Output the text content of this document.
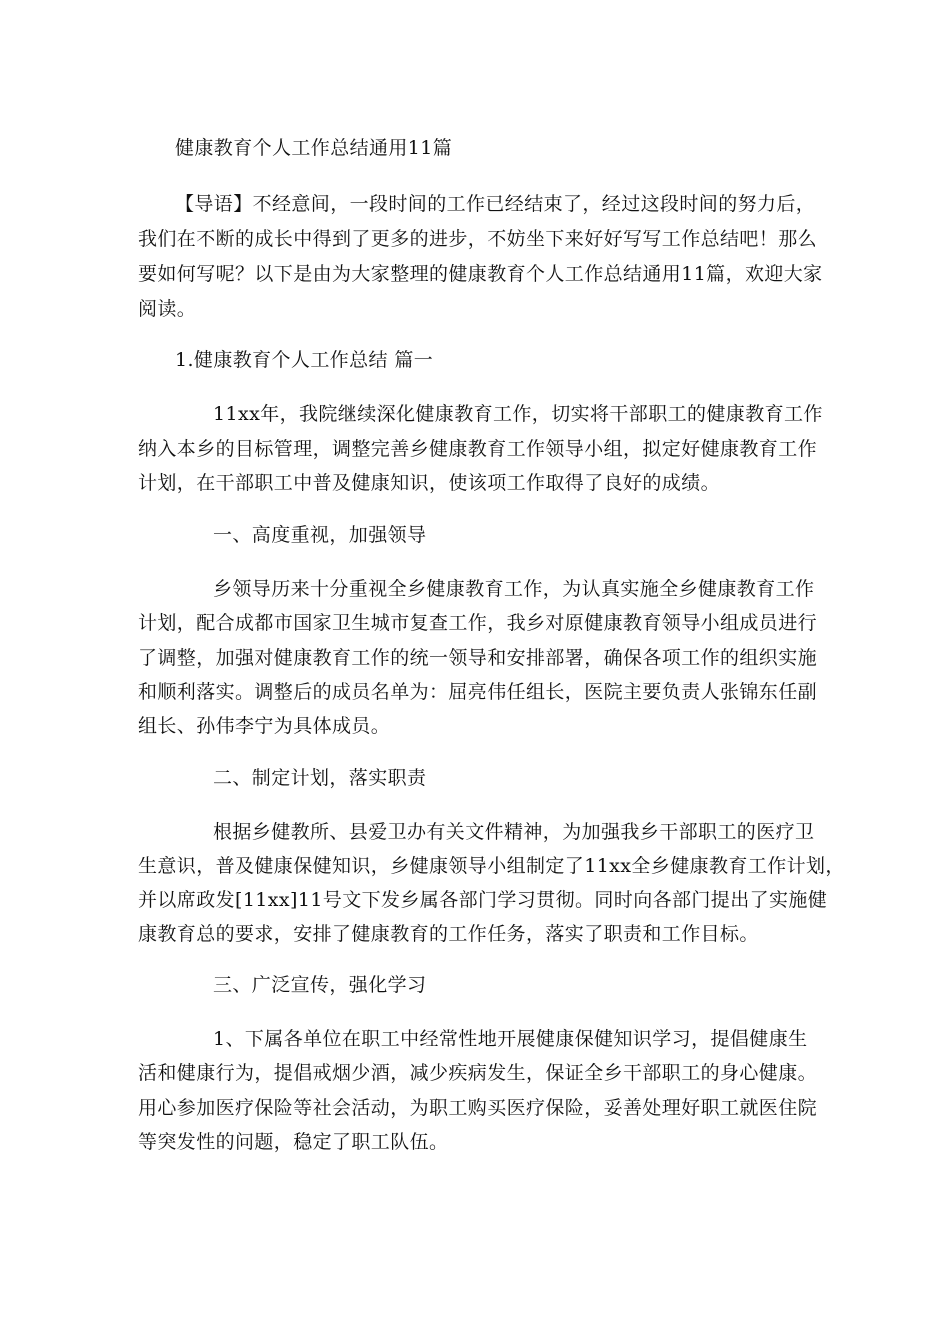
健康教育个人工作总结通用11篇
【导语】不经意间，一段时间的工作已经结束了，经过这段时间的努力后，
我们在不断的成长中得到了更多的进步，不妨坐下来好好写写工作总结吧！那么
要如何写呢？以下是由为大家整理的健康教育个人工作总结通用11篇，欢迎大家
阅读。
1.健康教育个人工作总结 篇一
11xx年，我院继续深化健康教育工作，切实将干部职工的健康教育工作
纳入本乡的目标管理，调整完善乡健康教育工作领导小组，拟定好健康教育工作
计划，在干部职工中普及健康知识，使该项工作取得了良好的成绩。
一、高度重视，加强领导
乡领导历来十分重视全乡健康教育工作，为认真实施全乡健康教育工作
计划，配合成都市国家卫生城市复查工作，我乡对原健康教育领导小组成员进行
了调整，加强对健康教育工作的统一领导和安排部署，确保各项工作的组织实施
和顺利落实。调整后的成员名单为：屈亮伟任组长，医院主要负责人张锦东任副
组长、孙伟李宁为具体成员。
二、制定计划，落实职责
根据乡健教所、县爱卫办有关文件精神，为加强我乡干部职工的医疗卫
生意识，普及健康保健知识，乡健康领导小组制定了11xx全乡健康教育工作计划，
并以席政发[11xx]11号文下发乡属各部门学习贯彻。同时向各部门提出了实施健
康教育总的要求，安排了健康教育的工作任务，落实了职责和工作目标。
三、广泛宣传，强化学习
1、下属各单位在职工中经常性地开展健康保健知识学习，提倡健康生
活和健康行为，提倡戒烟少酒，减少疾病发生，保证全乡干部职工的身心健康。
用心参加医疗保险等社会活动，为职工购买医疗保险，妥善处理好职工就医住院
等突发性的问题，稳定了职工队伍。
